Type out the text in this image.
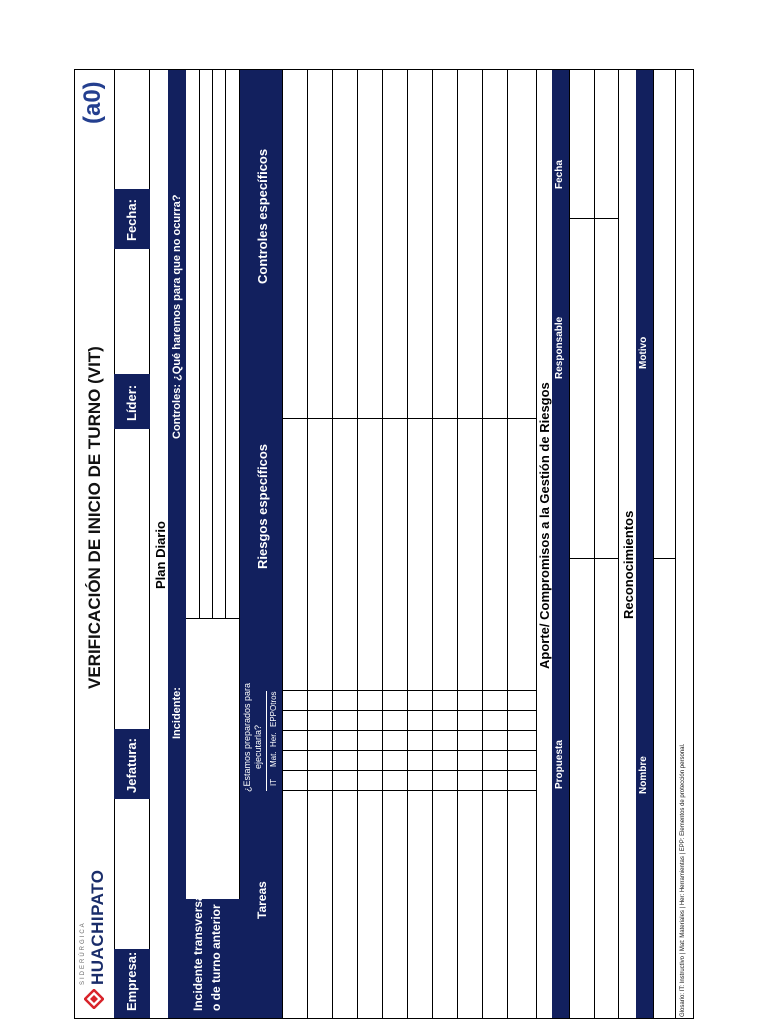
SIDERÚRGICA HUACHIPATO
VERIFICACIÓN DE INICIO DE TURNO (VIT)
(a0)
Empresa:
Jefatura:
Líder:
Fecha:
Plan Diario
Incidente transversal o de turno anterior
Incidente:
Controles: ¿Qué haremos para que no ocurra?
Tareas
¿Estamos preparados para ejecutarla?
IT
Mat.
Her.
EPP
Otros
Riesgos específicos
Controles específicos
Aporte/ Compromisos a la Gestión de Riesgos
Propuesta
Responsable
Fecha
Reconocimientos
Nombre
Motivo
Glosario: IT: Instructivo | Mat: Materiales | Her: Herramientas | EPP: Elementos de protección personal.
